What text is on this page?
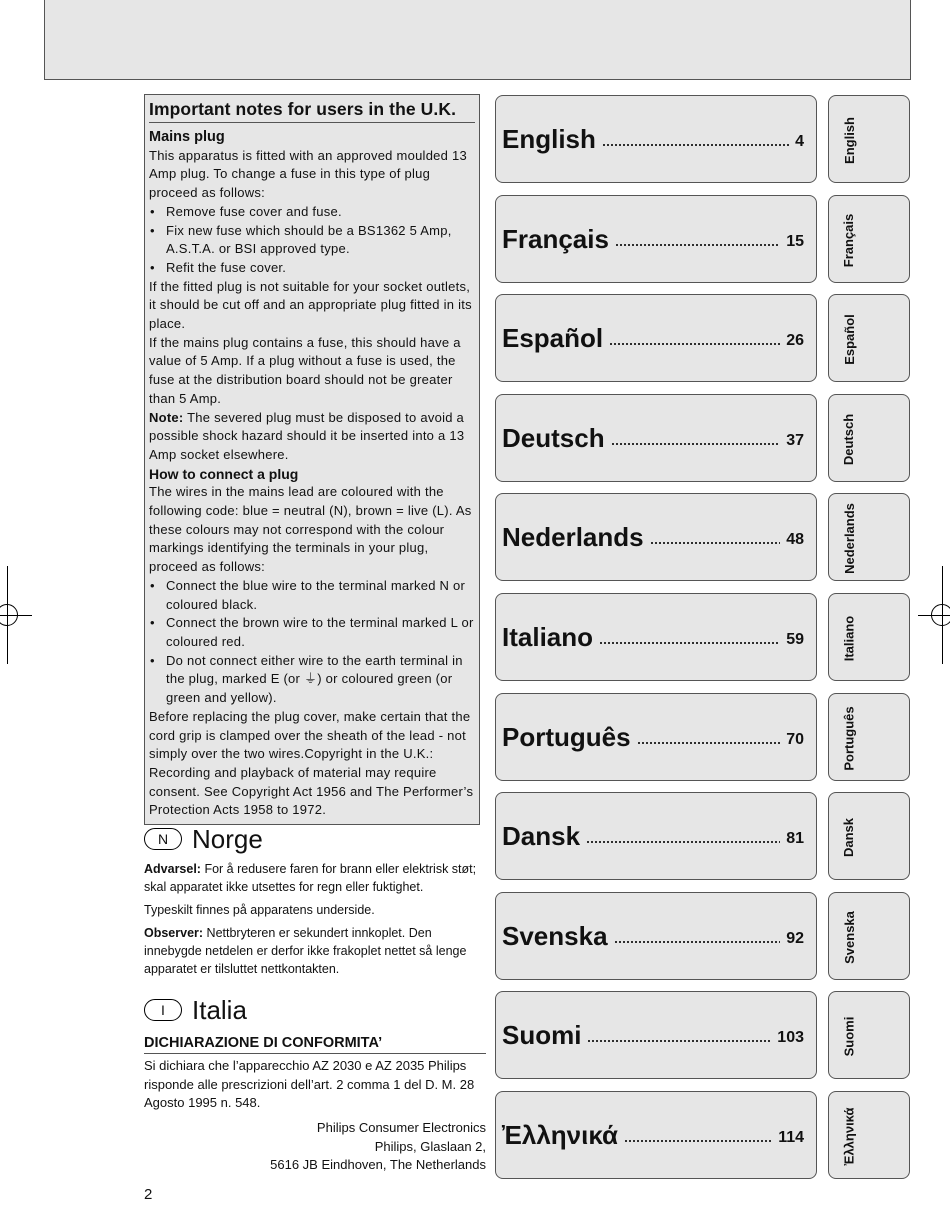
Important notes for users in the U.K.
Mains plug
This apparatus is fitted with an approved moulded 13 Amp plug. To change a fuse in this type of plug proceed as follows:
• Remove fuse cover and fuse.
• Fix new fuse which should be a BS1362 5 Amp, A.S.T.A. or BSI approved type.
• Refit the fuse cover.
If the fitted plug is not suitable for your socket outlets, it should be cut off and an appropriate plug fitted in its place.
If the mains plug contains a fuse, this should have a value of 5 Amp. If a plug without a fuse is used, the fuse at the distribution board should not be greater than 5 Amp.
Note: The severed plug must be disposed to avoid a possible shock hazard should it be inserted into a 13 Amp socket elsewhere.
How to connect a plug
The wires in the mains lead are coloured with the following code: blue = neutral (N), brown = live (L). As these colours may not correspond with the colour markings identifying the terminals in your plug, proceed as follows:
• Connect the blue wire to the terminal marked N or coloured black.
• Connect the brown wire to the terminal marked L or coloured red.
• Do not connect either wire to the earth terminal in the plug, marked E (or ⏚) or coloured green (or green and yellow).
Before replacing the plug cover, make certain that the cord grip is clamped over the sheath of the lead - not simply over the two wires.Copyright in the U.K.: Recording and playback of material may require consent. See Copyright Act 1956 and The Performer’s Protection Acts 1958 to 1972.
N Norge

Advarsel: For å redusere faren for brann eller elektrisk støt; skal apparatet ikke utsettes for regn eller fuktighet.

Typeskilt finnes på apparatens underside.

Observer: Nettbryteren er sekundert innkoplet. Den innebygde netdelen er derfor ikke frakoplet nettet så lenge apparatet er tilsluttet nettkontakten.

I	Italia
DICHIARAZIONE DI CONFORMITA’
Si dichiara che l’apparecchio AZ 2030 e AZ 2035 Philips risponde alle prescrizioni dell’art. 2 comma 1 del D. M. 28 Agosto 1995 n. 548.
Philips Consumer Electronics
Philips, Glaslaan 2,
5616 JB Eindhoven, The Netherlands
2
English	4	English
Français	15	Français
Español	26	Español
Deutsch	37	Deutsch
Nederlands	48	Nederlands
Italiano	59	Italiano
Português	70	Português
Dansk	81	Dansk
Svenska	92	Svenska
Suomi	103	Suomi
Ἐλληνικά	114	Ἐλληνικά
